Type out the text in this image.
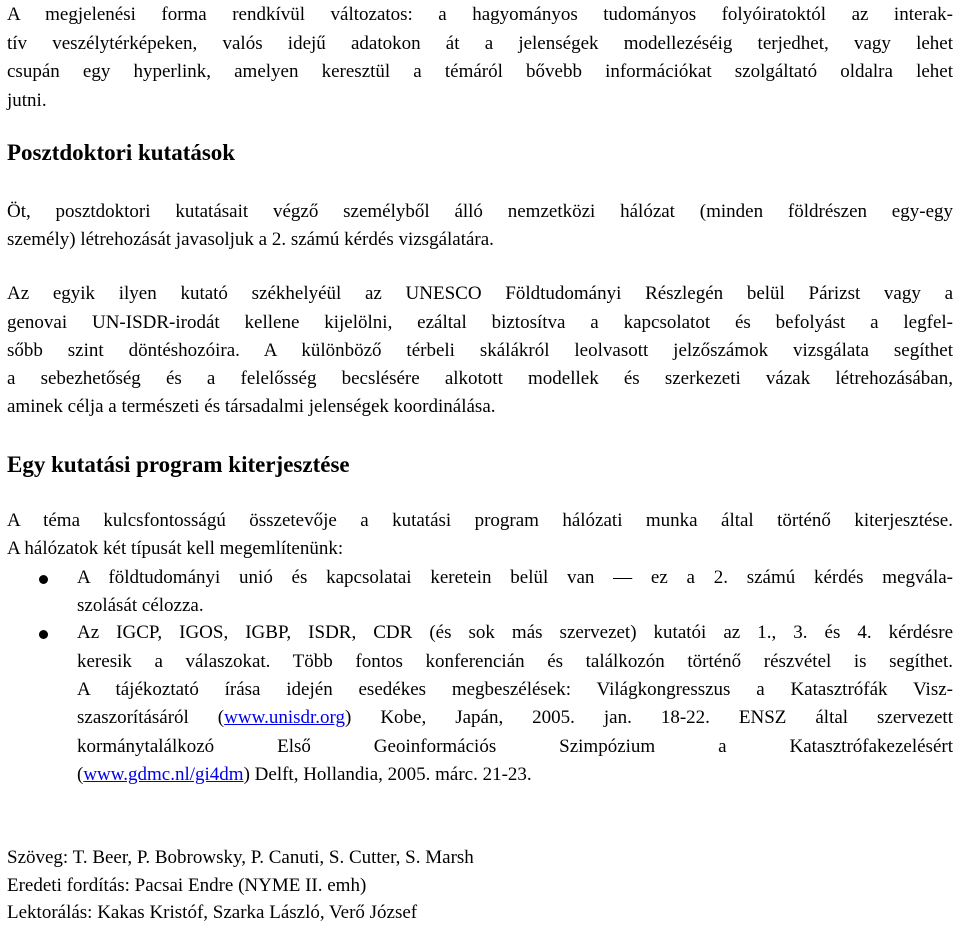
A megjelenési forma rendkívül változatos: a hagyományos tudományos folyóiratoktól az interak-
tív veszélytérképeken, valós idejű adatokon át a jelenségek modellezéséig terjedhet, vagy lehet
csupán egy hyperlink, amelyen keresztül a témáról bővebb információkat szolgáltató oldalra lehet
jutni.
Posztdoktori kutatások
Öt, posztdoktori kutatásait végző személyből álló nemzetközi hálózat (minden földrészen egy-egy
személy) létrehozását javasoljuk a 2. számú kérdés vizsgálatára.
Az egyik ilyen kutató székhelyéül az UNESCO Földtudományi Részlegén belül Párizst vagy a
genovai UN-ISDR-irodát kellene kijelölni, ezáltal biztosítva a kapcsolatot és befolyást a legfel-
sőbb szint döntéshozóira. A különböző térbeli skálákról leolvasott jelzőszámok vizsgálata segíthet
a sebezhetőség és a felelősség becslésére alkotott modellek és szerkezeti vázak létrehozásában,
aminek célja a természeti és társadalmi jelenségek koordinálása.
Egy kutatási program kiterjesztése
A téma kulcsfontosságú összetevője a kutatási program hálózati munka által történő kiterjesztése.
A hálózatok két típusát kell megemlítenünk:
A földtudományi unió és kapcsolatai keretein belül van — ez a 2. számú kérdés megvála-
szolását célozza.
Az IGCP, IGOS, IGBP, ISDR, CDR (és sok más szervezet) kutatói az 1., 3. és 4. kérdésre
keresik a válaszokat. Több fontos konferencián és találkozón történő részvétel is segíthet.
A tájékoztató írása idején esedékes megbeszélések: Világkongresszus a Katasztrófák Visz-
szaszorításáról (www.unisdr.org) Kobe, Japán, 2005. jan. 18-22. ENSZ által szervezett
kormánytalálkozó Első Geoinformációs Szimpózium a Katasztrófakezelésért
(www.gdmc.nl/gi4dm) Delft, Hollandia, 2005. márc. 21-23.
Szöveg: T. Beer, P. Bobrowsky, P. Canuti, S. Cutter, S. Marsh
Eredeti fordítás: Pacsai Endre (NYME II. emh)
Lektorálás: Kakas Kristóf, Szarka László, Verő József
